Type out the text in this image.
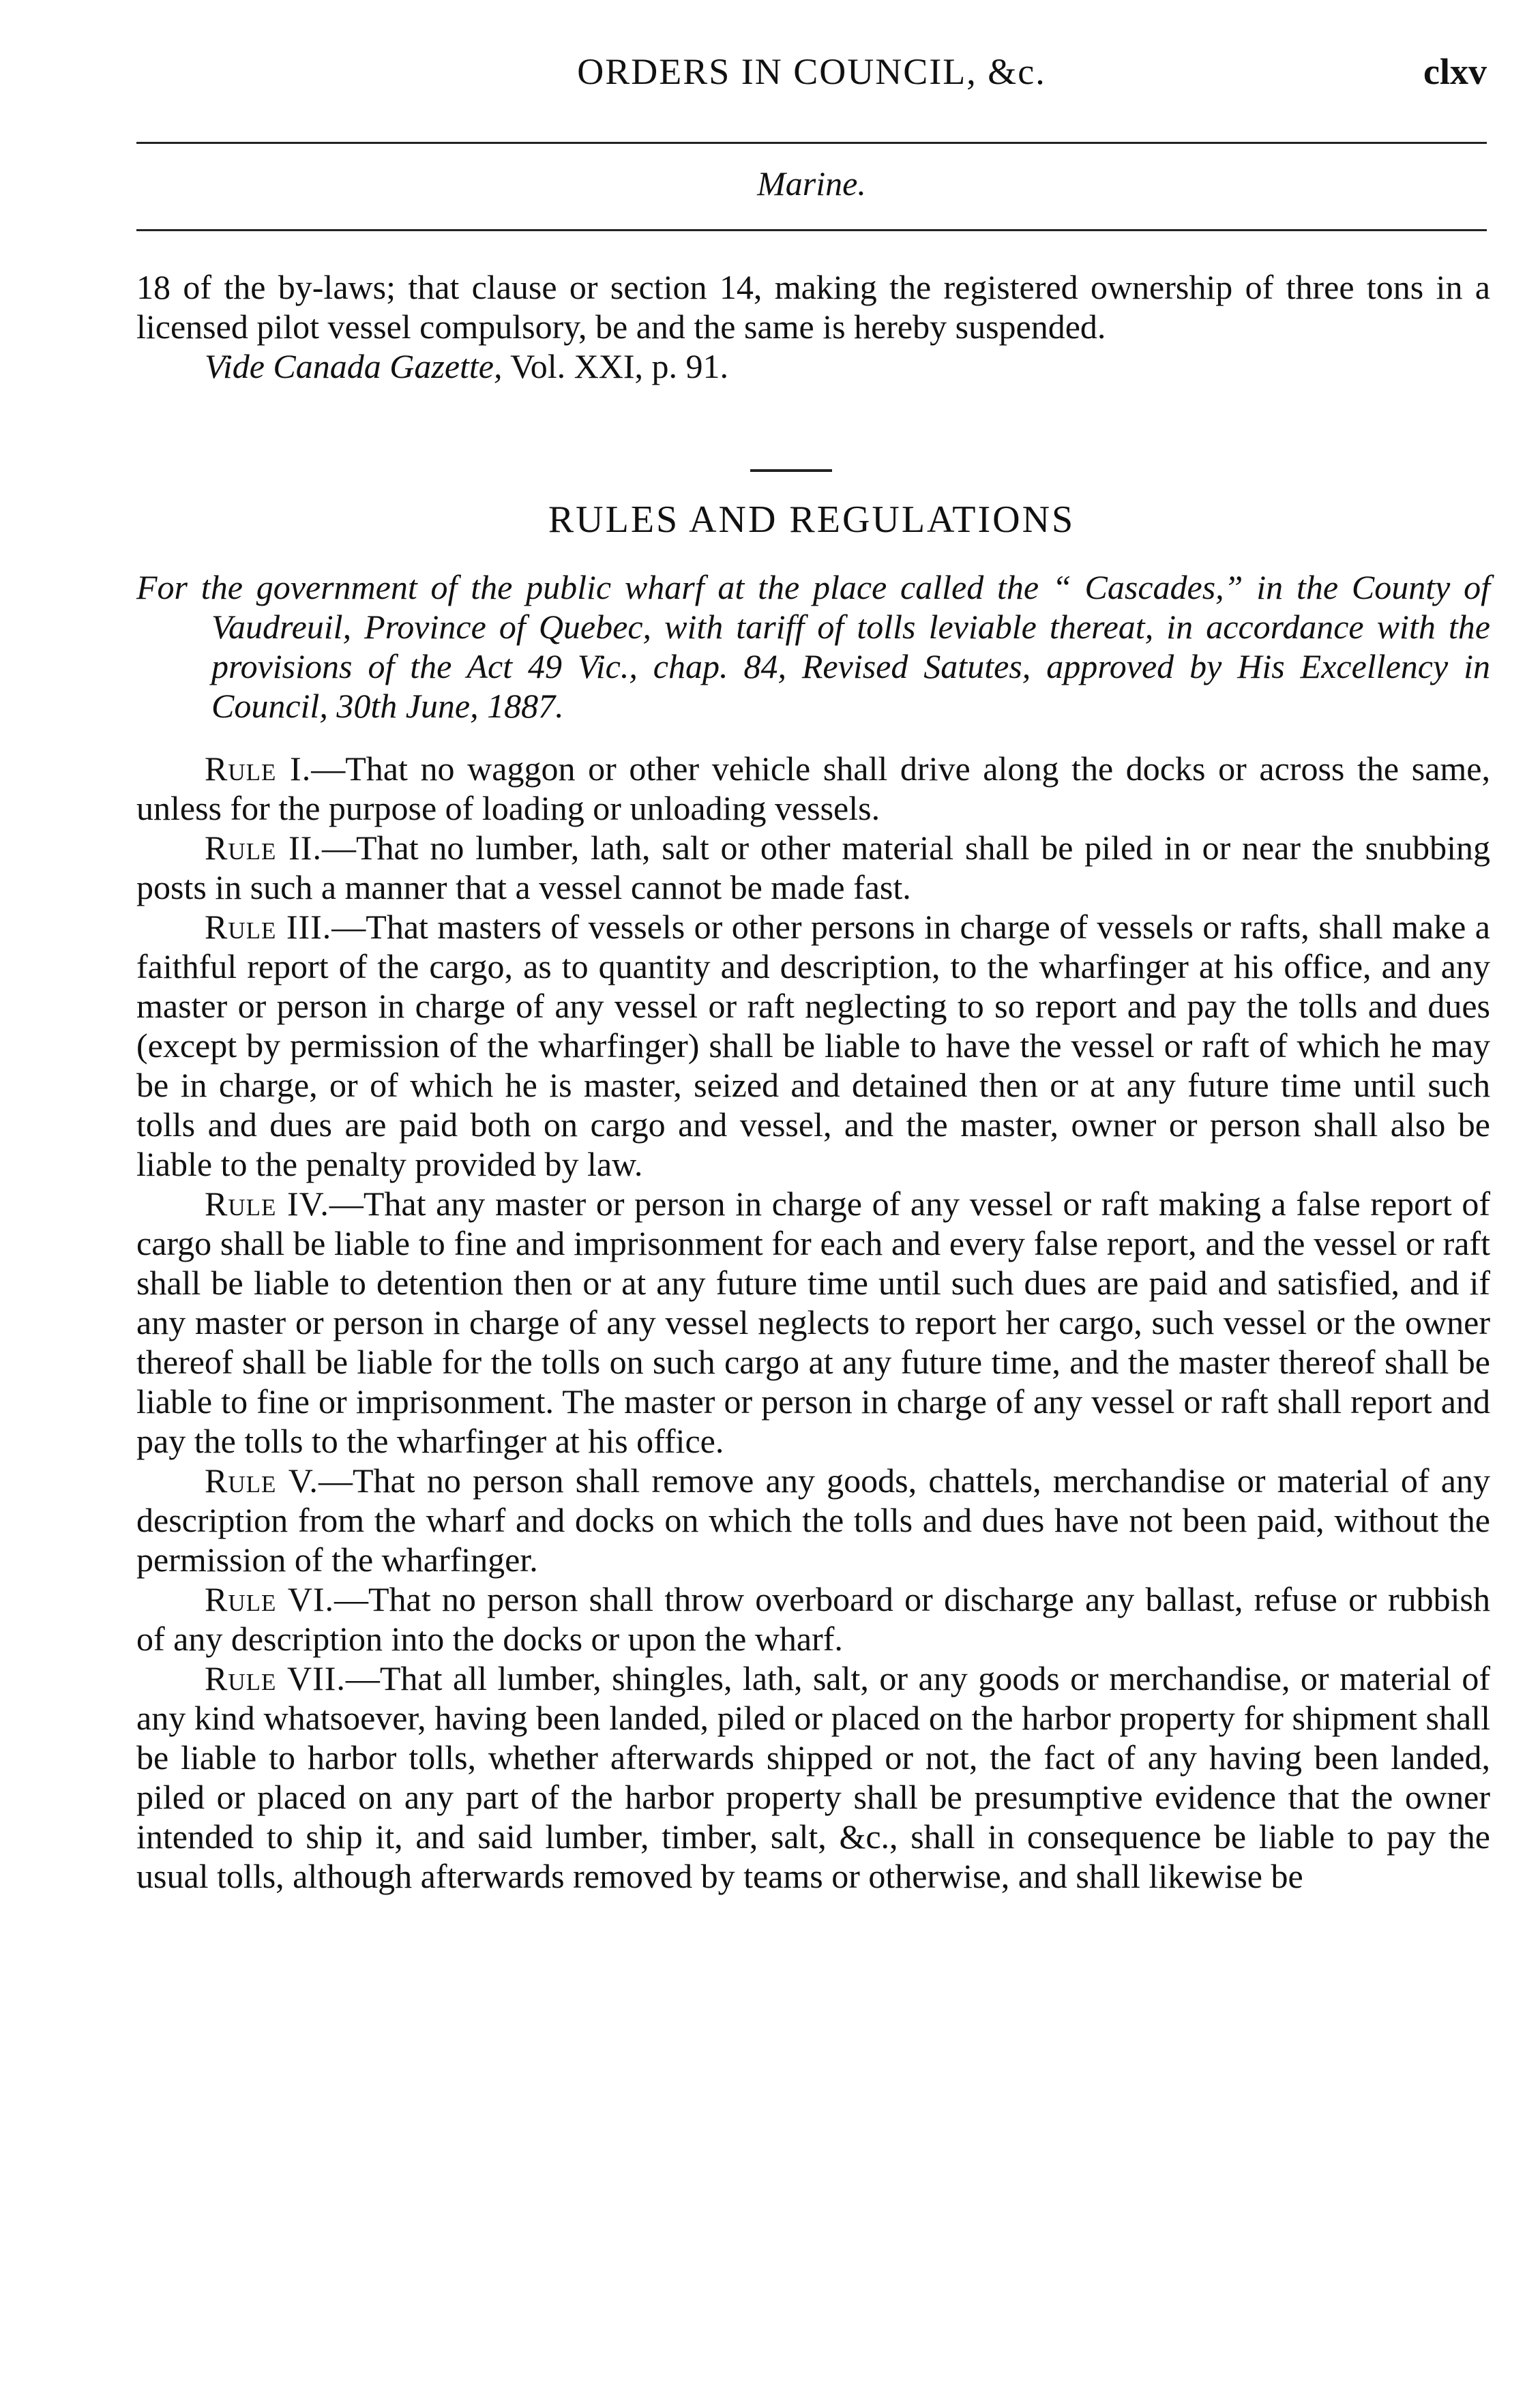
ORDERS IN COUNCIL, &c.	clxv
Marine.
18 of the by-laws; that clause or section 14, making the registered ownership of three tons in a licensed pilot vessel compulsory, be and the same is hereby suspended.
Vide Canada Gazette, Vol. XXI, p. 91.
RULES AND REGULATIONS
For the government of the public wharf at the place called the “ Cascades,” in the County of Vaudreuil, Province of Quebec, with tariff of tolls leviable thereat, in accordance with the provisions of the Act 49 Vic., chap. 84, Revised Satutes, approved by His Excellency in Council, 30th June, 1887.

Rule I.—That no waggon or other vehicle shall drive along the docks or across the same, unless for the purpose of loading or unloading vessels.

Rule II.—That no lumber, lath, salt or other material shall be piled in or near the snubbing posts in such a manner that a vessel cannot be made fast.

Rule III.—That masters of vessels or other persons in charge of vessels or rafts, shall make a faithful report of the cargo, as to quantity and description, to the wharfinger at his office, and any master or person in charge of any vessel or raft neglecting to so report and pay the tolls and dues (except by permission of the wharfinger) shall be liable to have the vessel or raft of which he may be in charge, or of which he is master, seized and detained then or at any future time until such tolls and dues are paid both on cargo and vessel, and the master, owner or person shall also be liable to the penalty provided by law.

Rule IV.—That any master or person in charge of any vessel or raft making a false report of cargo shall be liable to fine and imprisonment for each and every false report, and the vessel or raft shall be liable to detention then or at any future time until such dues are paid and satisfied, and if any master or person in charge of any vessel neglects to report her cargo, such vessel or the owner thereof shall be liable for the tolls on such cargo at any future time, and the master thereof shall be liable to fine or imprisonment. The master or person in charge of any vessel or raft shall report and pay the tolls to the wharfinger at his office.

Rule V.—That no person shall remove any goods, chattels, merchandise or material of any description from the wharf and docks on which the tolls and dues have not been paid, without the permission of the wharfinger.

Rule VI.—That no person shall throw overboard or discharge any ballast, refuse or rubbish of any description into the docks or upon the wharf.

Rule VII.—That all lumber, shingles, lath, salt, or any goods or merchandise, or material of any kind whatsoever, having been landed, piled or placed on the harbor property for shipment shall be liable to harbor tolls, whether afterwards shipped or not, the fact of any having been landed, piled or placed on any part of the harbor property shall be presumptive evidence that the owner intended to ship it, and said lumber, timber, salt, &c., shall in consequence be liable to pay the usual tolls, although afterwards removed by teams or otherwise, and shall likewise be
